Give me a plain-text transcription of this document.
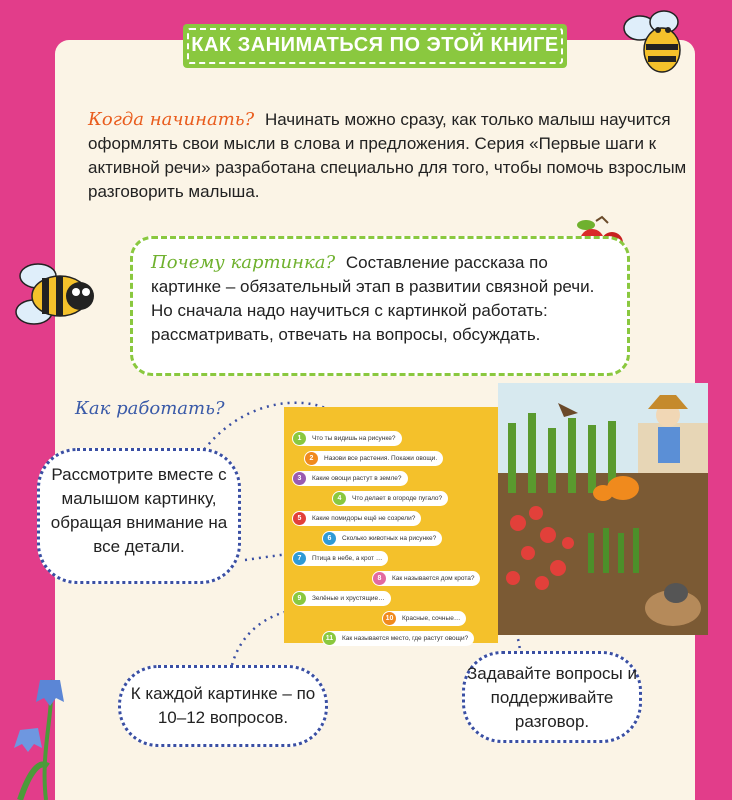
КАК ЗАНИМАТЬСЯ ПО ЭТОЙ КНИГЕ
Когда начинать? Начинать можно сразу, как только малыш научится оформлять свои мысли в слова и предложения. Серия «Первые шаги к активной речи» разработана специально для того, чтобы помочь взрослым разговорить малыша.
Почему картинка? Составление рассказа по картинке – обязательный этап в развитии связной речи. Но сначала надо научиться с картинкой работать: рассматривать, отвечать на вопросы, обсуждать.
Как работать?
1	Что ты видишь на рисунке?
2	Назови все растения. Покажи овощи.
3	Какие овощи растут в земле?
4	Что делает в огороде пугало?
5	Какие помидоры ещё не созрели?
6	Сколько животных на рисунке?
7	Птица в небе, а крот …
8	Как называется дом крота?
9	Зелёные и хрустящие…
10	Красные, сочные…
11	Как называется место, где растут овощи?
Рассмотрите вместе с малышом картинку, обращая внимание на все детали.
К каждой картинке – по 10–12 вопросов.
Задавайте вопросы и поддерживайте разговор.
